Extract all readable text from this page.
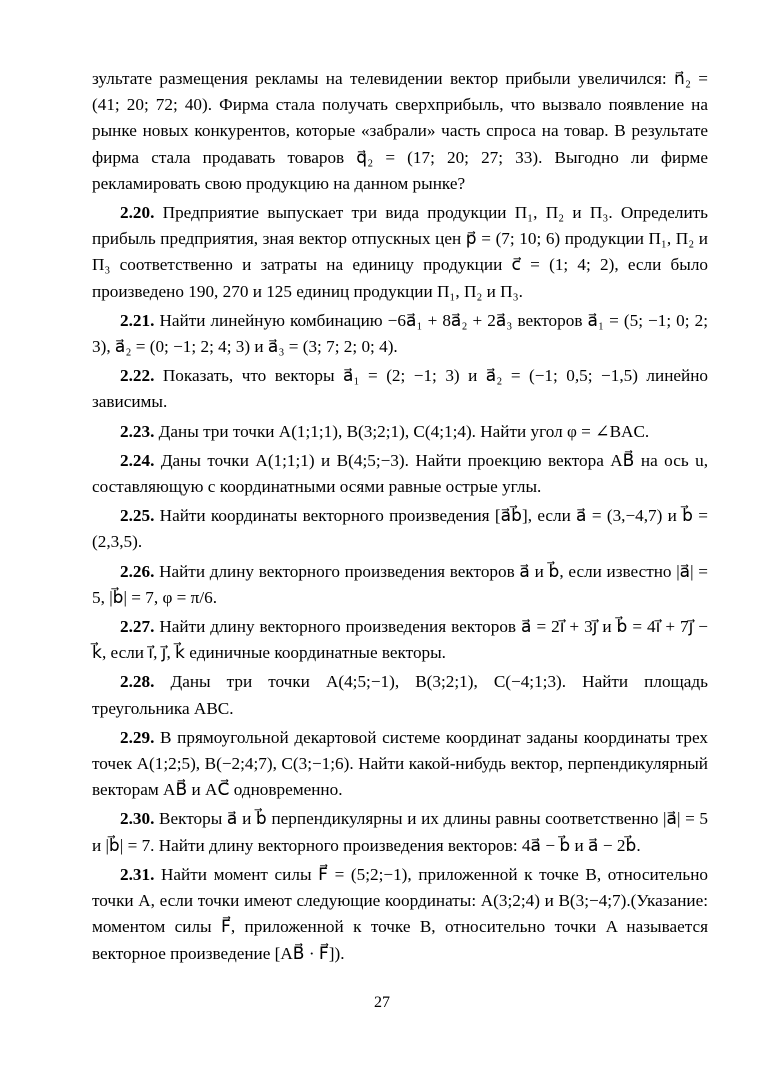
зультате размещения рекламы на телевидении вектор прибыли увеличился: n⃗₂ = (41; 20; 72; 40). Фирма стала получать сверхприбыль, что вызвало появление на рынке новых конкурентов, которые «забрали» часть спроса на товар. В результате фирма стала продавать товаров q⃗₂ = (17; 20; 27; 33). Выгодно ли фирме рекламировать свою продукцию на данном рынке?

2.20. Предприятие выпускает три вида продукции П₁, П₂ и П₃. Определить прибыль предприятия, зная вектор отпускных цен p⃗ = (7; 10; 6) продукции П₁, П₂ и П₃ соответственно и затраты на единицу продукции c⃗ = (1; 4; 2), если было произведено 190, 270 и 125 единиц продукции П₁, П₂ и П₃.

2.21. Найти линейную комбинацию −6a⃗₁ + 8a⃗₂ + 2a⃗₃ векторов a⃗₁ = (5; −1; 0; 2; 3), a⃗₂ = (0; −1; 2; 4; 3) и a⃗₃ = (3; 7; 2; 0; 4).

2.22. Показать, что векторы a⃗₁ = (2; −1; 3) и a⃗₂ = (−1; 0,5; −1,5) линейно зависимы.

2.23. Даны три точки A(1;1;1), B(3;2;1), C(4;1;4). Найти угол φ = ∠BAC.

2.24. Даны точки A(1;1;1) и B(4;5;−3). Найти проекцию вектора AB⃗ на ось u, составляющую с координатными осями равные острые углы.

2.25. Найти координаты векторного произведения [a⃗b⃗], если a⃗ = (3,−4,7) и b⃗ = (2,3,5).

2.26. Найти длину векторного произведения векторов a⃗ и b⃗, если известно |a⃗| = 5, |b⃗| = 7, φ = π/6.

2.27. Найти длину векторного произведения векторов a⃗ = 2i⃗ + 3j⃗ и b⃗ = 4i⃗ + 7j⃗ − k⃗, если i⃗, j⃗, k⃗ единичные координатные векторы.

2.28. Даны три точки A(4;5;−1), B(3;2;1), C(−4;1;3). Найти площадь треугольника ABC.

2.29. В прямоугольной декартовой системе координат заданы координаты трех точек A(1;2;5), B(−2;4;7), C(3;−1;6). Найти какой-нибудь вектор, перпендикулярный векторам AB⃗ и AC⃗ одновременно.

2.30. Векторы a⃗ и b⃗ перпендикулярны и их длины равны соответственно |a⃗| = 5 и |b⃗| = 7. Найти длину векторного произведения векторов: 4a⃗ − b⃗ и a⃗ − 2b⃗.

2.31. Найти момент силы F⃗ = (5;2;−1), приложенной к точке B, относительно точки A, если точки имеют следующие координаты: A(3;2;4) и B(3;−4;7).(Указание: моментом силы F⃗, приложенной к точке B, относительно точки A называется векторное произведение [AB⃗ · F⃗]).

27
